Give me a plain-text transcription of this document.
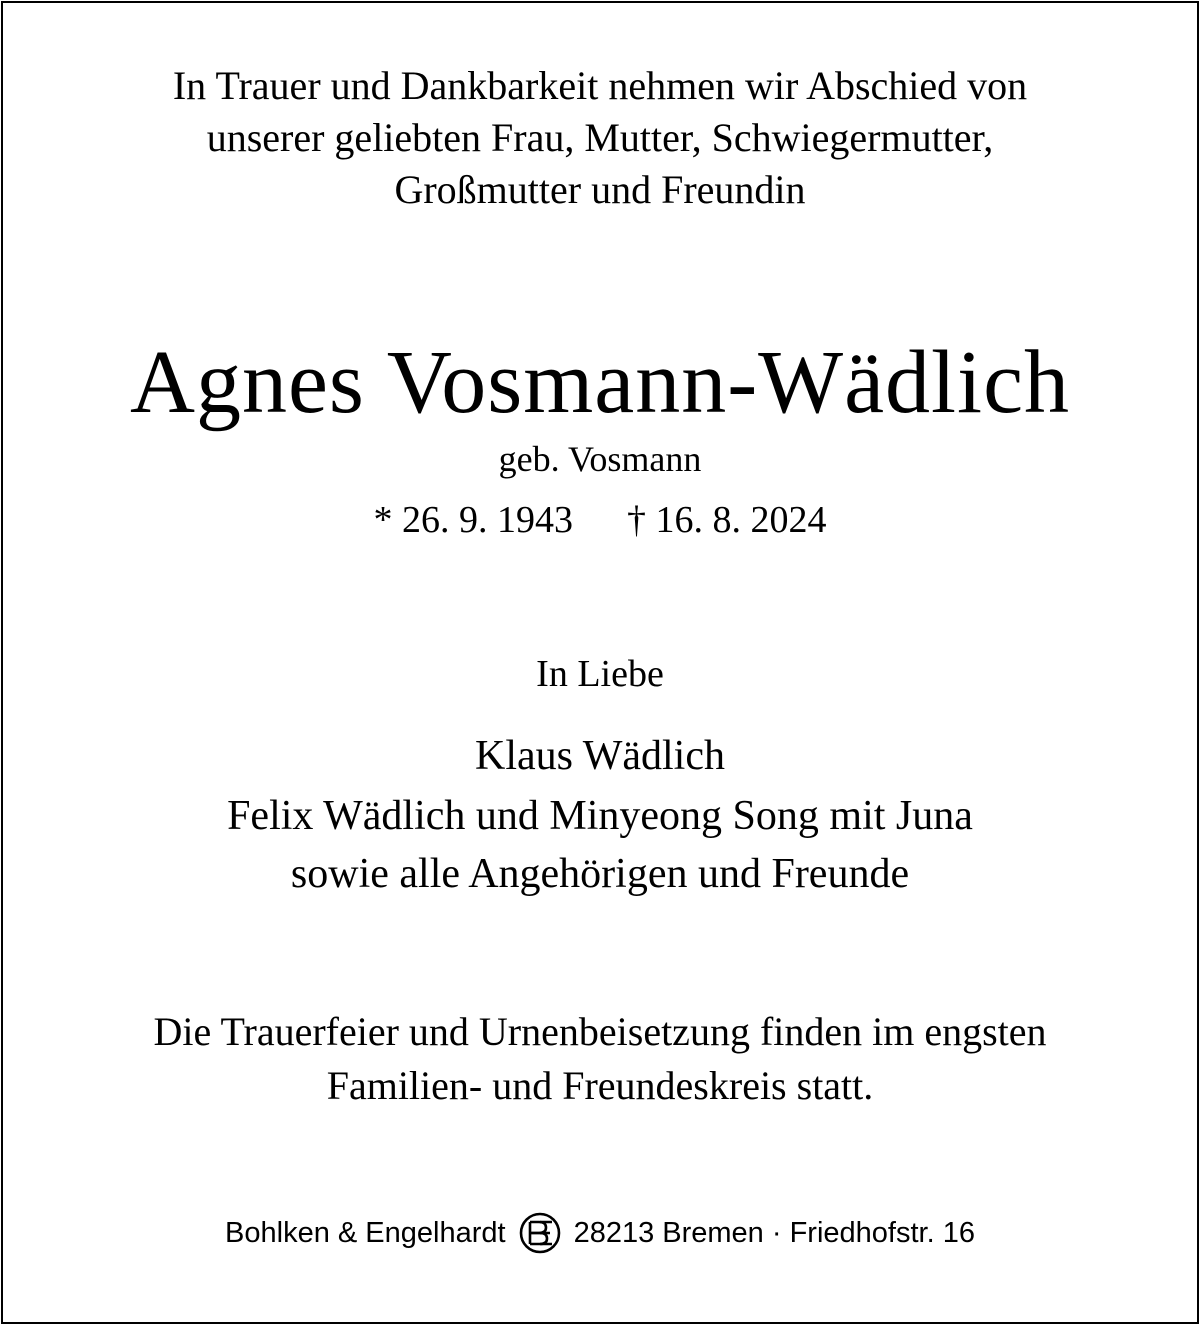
In Trauer und Dankbarkeit nehmen wir Abschied von
unserer geliebten Frau, Mutter, Schwiegermutter,
Großmutter und Freundin
Agnes Vosmann-Wädlich
geb. Vosmann
* 26. 9. 1943 † 16. 8. 2024
In Liebe
Klaus Wädlich
Felix Wädlich und Minyeong Song mit Juna
sowie alle Angehörigen und Freunde
Die Trauerfeier und Urnenbeisetzung finden im engsten
Familien- und Freundeskreis statt.
Bohlken & Engelhardt 28213 Bremen · Friedhofstr. 16
